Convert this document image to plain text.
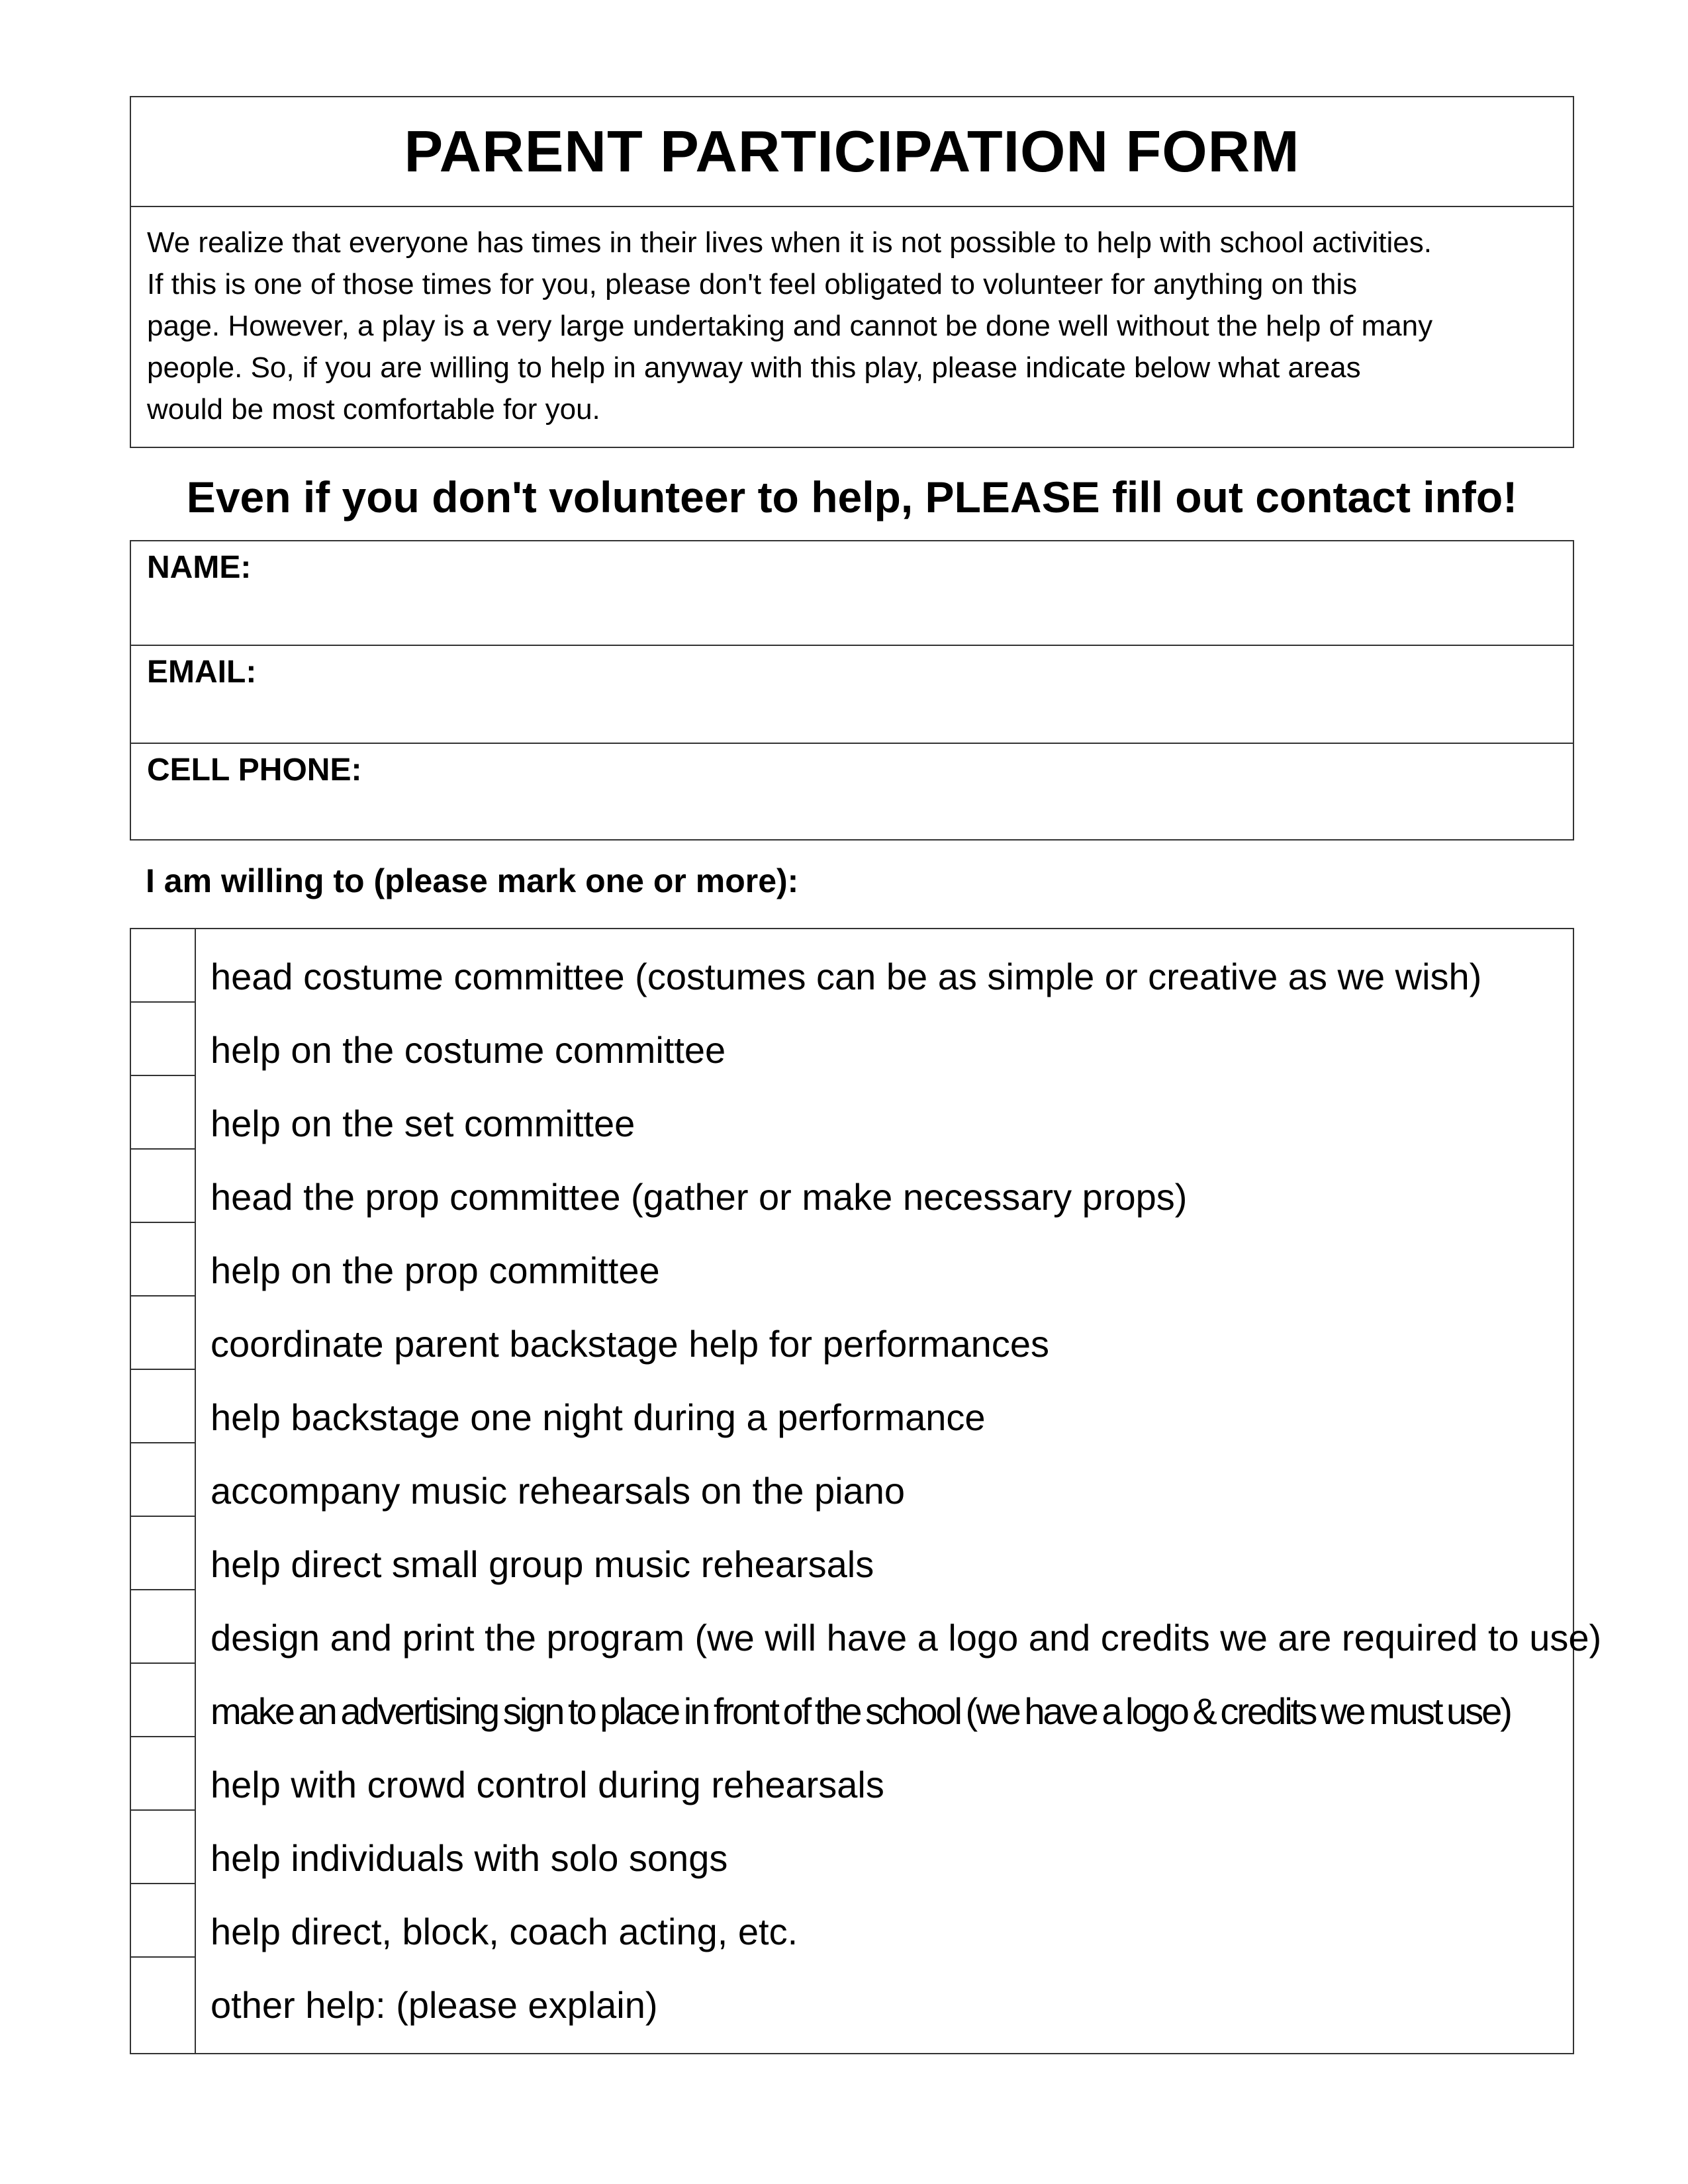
PARENT PARTICIPATION FORM
We realize that everyone has times in their lives when it is not possible to help with school activities.
If this is one of those times for you, please don't feel obligated to volunteer for anything on this
page. However, a play is a very large undertaking and cannot be done well without the help of many
people. So, if you are willing to help in anyway with this play, please indicate below what areas
would be most comfortable for you.
Even if you don't volunteer to help, PLEASE fill out contact info!
NAME:
EMAIL:
CELL PHONE:
I am willing to (please mark one or more):
head costume committee (costumes can be as simple or creative as we wish)
help on the costume committee
help on the set committee
head the prop committee (gather or make necessary props)
help on the prop committee
coordinate parent backstage help for performances
help backstage one night during a performance
accompany music rehearsals on the piano
help direct small group music rehearsals
design and print the program (we will have a logo and credits we are required to use)
make an advertising sign to place in front of the school (we have a logo & credits we must use)
help with crowd control during rehearsals
help individuals with solo songs
help direct, block, coach acting, etc.
other help: (please explain)
